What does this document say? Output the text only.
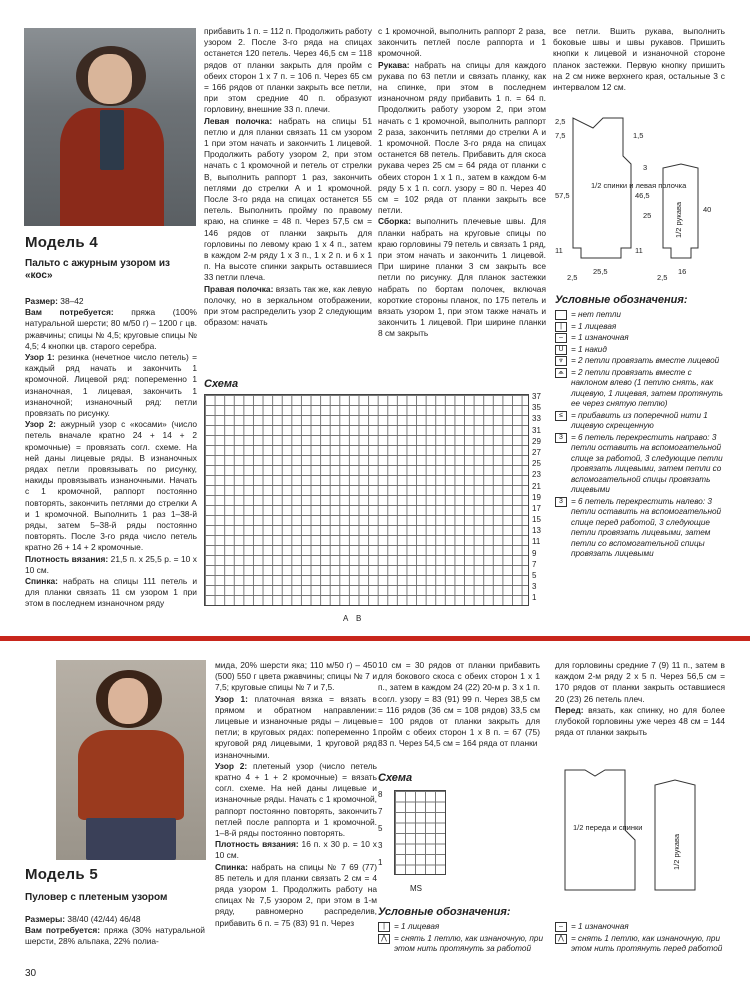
Модель 4
Пальто с ажурным узором из «кос»
Размер: 38–42
Вам потребуется: пряжа (100% натуральной шерсти; 80 м/50 г) – 1200 г цв. ржавчины; спицы № 4,5; круговые спицы № 4,5; 4 кнопки цв. старого серебра.
Узор 1: резинка (нечетное число петель) = каждый ряд начать и закончить 1 кромочной. Лицевой ряд: попеременно 1 изнаночная, 1 лицевая, закончить 1 изнаночной; изнаночный ряд: петли провязать по рисунку.
Узор 2: ажурный узор с «косами» (число петель вначале кратно 24 + 14 + 2 кромочные) = провязать согл. схеме. На ней даны лицевые ряды. В изнаночных рядах петли провязывать по рисунку, накиды провязывать изнаночными. Начать с 1 кромочной, раппорт постоянно повторять, закончить петлями до стрелки А и 1 кромочной. Выполнить 1 раз 1–38-й ряды, затем 5–38-й ряды постоянно повторять. После 3-го ряда число петель кратно 26 + 14 + 2 кромочные.
Плотность вязания: 21,5 п. х 25,5 р. = 10 х 10 см.
Спинка: набрать на спицы 111 петель и для планки связать 11 см узором 1 при этом в последнем изнаночном ряду
прибавить 1 п. = 112 п. Продолжить работу узором 2. После 3-го ряда на спицах останется 120 петель. Через 46,5 см = 118 рядов от планки закрыть для пройм с обеих сторон 1 х 7 п. = 106 п. Через 65 см = 166 рядов от планки закрыть все петли, при этом средние 40 п. образуют горловину, внешние 33 п. плечи.
Левая полочка: набрать на спицы 51 петлю и для планки связать 11 см узором 1 при этом начать и закончить 1 лицевой. Продолжить работу узором 2, при этом начать с 1 кромочной и петель от стрелки В, выполнить раппорт 1 раз, закончить петлями до стрелки А и 1 кромочной. После 3-го ряда на спицах останется 55 петель. Выполнить пройму по правому краю, на спинке = 48 п. Через 57,5 см = 146 рядов от планки закрыть для горловины по левому краю 1 х 4 п., затем в каждом 2-м ряду 1 х 3 п., 1 х 2 п. и 6 х 1 п. На высоте спинки закрыть оставшиеся 33 петли плеча.
Правая полочка: вязать так же, как левую полочку, но в зеркальном отображении, при этом распределить узор 2 следующим образом: начать
с 1 кромочной, выполнить раппорт 2 раза, закончить петлей после раппорта и 1 кромочной.
Рукава: набрать на спицы для каждого рукава по 63 петли и связать планку, как на спинке, при этом в последнем изнаночном ряду прибавить 1 п. = 64 п. Продолжить работу узором 2, при этом начать с 1 кромочной, выполнить раппорт 2 раза, закончить петлями до стрелки А и 1 кромочной. После 3-го ряда на спицах останется 68 петель. Прибавить для скоса рукава через 25 см = 64 ряда от планки с обеих сторон 1 х 1 п., затем в каждом 6-м ряду 5 х 1 п. согл. узору = 80 п. Через 40 см = 102 ряда от планки закрыть все петли.
Сборка: выполнить плечевые швы. Для планки набрать на круговые спицы по краю горловины 79 петель и связать 1 ряд, при этом начать и закончить 1 лицевой. При ширине планки 3 см закрыть все петли по рисунку. Для планок застежки набрать по бортам полочек, включая короткие стороны планок, по 175 петель и вязать узором 1, при этом также начать и закончить 1 лицевой. При ширине планки 8 см закрыть
все петли. Вшить рукава, выполнить боковые швы и швы рукавов. Пришить кнопки к лицевой и изнаночной стороне планок застежки. Первую кнопку пришить на 2 см ниже верхнего края, остальные 3 с интервалом 12 см.
1/2 спинки и левая полочка
2,5
7,5	1,5
57,5	46,5
3
25
11	11
25,5	16
40
2,5	2,5
1/2 рукава
Схема
37
35
33
31
29
27
25
23
21
19
17
15
13
11
9
7
5
3
1
A B
Условные обозначения:
= нет петли
|	= 1 лицевая
– = 1 изнаночная
U = 1 накид
⩔ = 2 петли провязать вместе лицевой
⩕ = 2 петли провязать вместе с наклоном влево (1 петлю снять, как лицевую, 1 лицевая, затем протянуть ее через снятую петлю)
≤ = прибавить из поперечной нити 1 лицевую скрещенную
3 = 6 петель перекрестить направо: 3 петли оставить на вспомогательной спице за работой, 3 следующие петли провязать лицевыми, затем петли со вспомогательной спицы провязать лицевыми
3 = 6 петель перекрестить налево: 3 петли оставить на вспомогательной спице перед работой, 3 следующие петли провязать лицевыми, затем петли со вспомогательной спицы провязать лицевыми
Модель 5
Пуловер с плетеным узором
Размеры: 38/40 (42/44) 46/48
Вам потребуется: пряжа (30% натуральной шерсти, 28% альпака, 22% полиа-
мида, 20% шерсти яка; 110 м/50 г) – 450 (500) 550 г цвета ржавчины; спицы № 7 и 7,5; круговые спицы № 7 и 7,5.
Узор 1: платочная вязка = вязать в прямом и обратном направлении: лицевые и изнаночные ряды – лицевые петли; в круговых рядах: попеременно 1 круговой ряд лицевыми, 1 круговой ряд изнаночными.
Узор 2: плетеный узор (число петель кратно 4 + 1 + 2 кромочные) = вязать согл. схеме. На ней даны лицевые и изнаночные ряды. Начать с 1 кромочной, раппорт постоянно повторять, закончить петлей после раппорта и 1 кромочной. 1–8-й ряды постоянно повторять.
Плотность вязания: 16 п. х 30 р. = 10 х 10 см.
Спинка: набрать на спицы № 7 69 (77) 85 петель и для планки связать 2 см = 4 ряда узором 1. Продолжить работу на спицах № 7,5 узором 2, при этом в 1-м ряду, равномерно распределив, прибавить 6 п. = 75 (83) 91 п. Через
10 см = 30 рядов от планки прибавить для бокового скоса с обеих сторон 1 х 1 п., затем в каждом 24 (22) 20-м р. 3 х 1 п. согл. узору = 83 (91) 99 п. Через 38,5 см = 116 рядов (36 см = 108 рядов) 33,5 см = 100 рядов от планки закрыть для пройм с обеих сторон 1 х 8 п. = 67 (75) 83 п. Через 54,5 см = 164 ряда от планки
для горловины средние 7 (9) 11 п., затем в каждом 2-м ряду 2 х 5 п. Через 56,5 см = 170 рядов от планки закрыть оставшиеся 20 (23) 26 петель плеч.
Перед: вязать, как спинку, но для более глубокой горловины уже через 48 см = 144 ряда от планки закрыть
Схема
8
7
5
3
1
MS
Условные обозначения:
|	= 1 лицевая
⋀ = снять 1 петлю, как изнаночную, при этом нить протянуть за работой
– = 1 изнаночная
⋀ = снять 1 петлю, как изнаночную, при этом нить протянуть перед работой
1/2 переда и спинки
1/2 рукава
30
